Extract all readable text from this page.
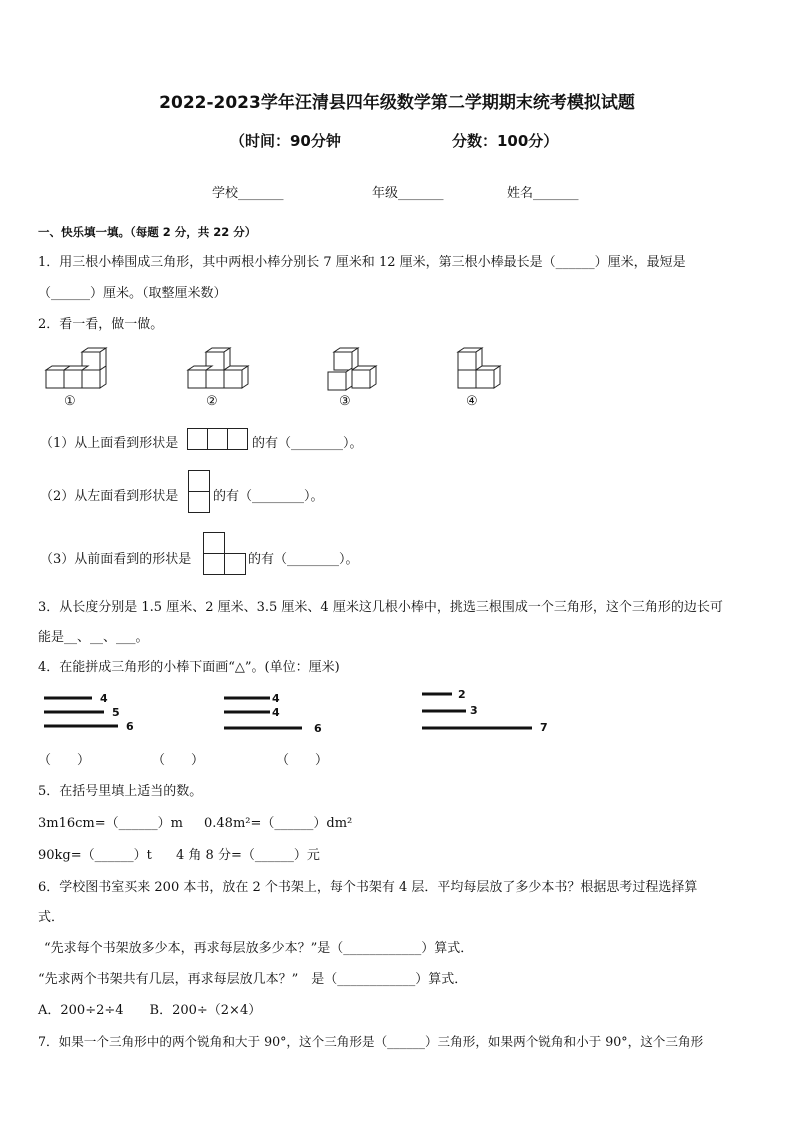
2022-2023学年汪清县四年级数学第二学期期末统考模拟试题
（时间：90分钟	分数：100分）
学校_______	年级_______	姓名_______
一、快乐填一填。（每题 2 分，共 22 分）
1．用三根小棒围成三角形，其中两根小棒分别长 7 厘米和 12 厘米，第三根小棒最长是（______）厘米，最短是
（______）厘米。（取整厘米数）
2．看一看，做一做。
①	②	③	④
（1）从上面看到形状是	的有（________）。
（2）从左面看到形状是	的有（________）。
（3）从前面看到的形状是	的有（________）。
3．从长度分别是 1.5 厘米、2 厘米、3.5 厘米、4 厘米这几根小棒中，挑选三根围成一个三角形，这个三角形的边长可
能是__、__、___。
4．在能拼成三角形的小棒下面画“△”。(单位：厘米)
4
5
6
4
4
6
2
3
7
（　　）	（　　）	（　　）
5．在括号里填上适当的数。
3m16cm=（______）m 0.48m²=（______）dm²
90kg=（______）t 4 角 8 分=（______）元
6．学校图书室买来 200 本书，放在 2 个书架上，每个书架有 4 层．平均每层放了多少本书？根据思考过程选择算
式．
“先求每个书架放多少本，再求每层放多少本？”是（____________）算式．
“先求两个书架共有几层，再求每层放几本？”　是（____________）算式．
A．200÷2÷4　　B．200÷（2×4）
7．如果一个三角形中的两个锐角和大于 90°，这个三角形是（______）三角形，如果两个锐角和小于 90°，这个三角形
